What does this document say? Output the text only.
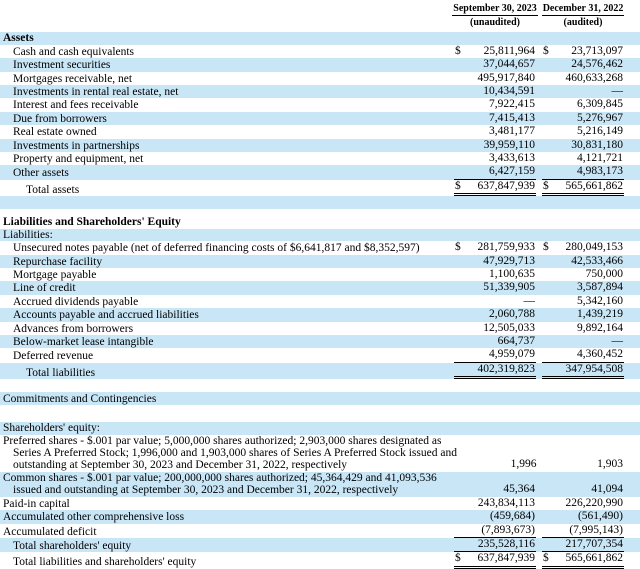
September 30, 2023
(unaudited)
December 31, 2022
(audited)
Assets
Cash and cash equivalents	$ 25,811,964 $ 23,713,097
Investment securities	37,044,657	24,576,462
Mortgages receivable, net	495,917,840	460,633,268
Investments in rental real estate, net	10,434,591	—
Interest and fees receivable	7,922,415	6,309,845
Due from borrowers	7,415,413	5,276,967
Real estate owned	3,481,177	5,216,149
Investments in partnerships	39,959,110	30,831,180
Property and equipment, net	3,433,613	4,121,721
Other assets	6,427,159	4,983,173
Total assets	$ 637,847,939 $ 565,661,862
Liabilities and Shareholders' Equity
Liabilities:
Unsecured notes payable (net of deferred financing costs of $6,641,817 and $8,352,597)	$ 281,759,933 $ 280,049,153
Repurchase facility	47,929,713	42,533,466
Mortgage payable	1,100,635	750,000
Line of credit	51,339,905	3,587,894
Accrued dividends payable	—	5,342,160
Accounts payable and accrued liabilities	2,060,788	1,439,219
Advances from borrowers	12,505,033	9,892,164
Below-market lease intangible	664,737	—
Deferred revenue	4,959,079	4,360,452
Total liabilities	402,319,823	347,954,508
Commitments and Contingencies
Shareholders' equity:
Preferred shares - $.001 par value; 5,000,000 shares authorized; 2,903,000 shares designated as
Series A Preferred Stock; 1,996,000 and 1,903,000 shares of Series A Preferred Stock issued and
outstanding at September 30, 2023 and December 31, 2022, respectively	1,996	1,903
Common shares - $.001 par value; 200,000,000 shares authorized; 45,364,429 and 41,093,536
issued and outstanding at September 30, 2023 and December 31, 2022, respectively	45,364	41,094
Paid-in capital	243,834,113	226,220,990
Accumulated other comprehensive loss	(459,684)	(561,490)
Accumulated deficit	(7,893,673)	(7,995,143)
Total shareholders' equity	235,528,116	217,707,354
Total liabilities and shareholders' equity	$ 637,847,939 $ 565,661,862
